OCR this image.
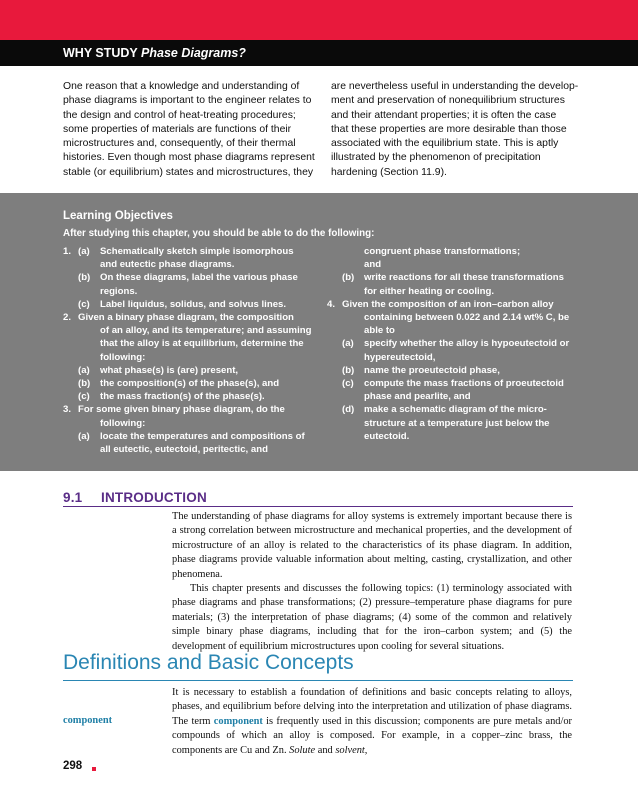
WHY STUDY Phase Diagrams?
One reason that a knowledge and understanding of
phase diagrams is important to the engineer relates to
the design and control of heat-treating procedures;
some properties of materials are functions of their
microstructures and, consequently, of their thermal
histories. Even though most phase diagrams represent
stable (or equilibrium) states and microstructures, they
are nevertheless useful in understanding the develop-
ment and preservation of nonequilibrium structures
and their attendant properties; it is often the case
that these properties are more desirable than those
associated with the equilibrium state. This is aptly
illustrated by the phenomenon of precipitation
hardening (Section 11.9).
Learning Objectives
After studying this chapter, you should be able to do the following:
1. (a) Schematically sketch simple isomorphous
and eutectic phase diagrams.
(b) On these diagrams, label the various phase
regions.
(c) Label liquidus, solidus, and solvus lines.
2. Given a binary phase diagram, the composition
of an alloy, and its temperature; and assuming
that the alloy is at equilibrium, determine the
following:
(a) what phase(s) is (are) present,
(b) the composition(s) of the phase(s), and
(c) the mass fraction(s) of the phase(s).
3. For some given binary phase diagram, do the
following:
(a) locate the temperatures and compositions of
all eutectic, eutectoid, peritectic, and
congruent phase transformations;
and
(b) write reactions for all these transformations
for either heating or cooling.
4. Given the composition of an iron–carbon alloy
containing between 0.022 and 2.14 wt% C, be
able to
(a) specify whether the alloy is hypoeutectoid or
hypereutectoid,
(b) name the proeutectoid phase,
(c) compute the mass fractions of proeutectoid
phase and pearlite, and
(d) make a schematic diagram of the micro-
structure at a temperature just below the
eutectoid.
9.1 INTRODUCTION

The understanding of phase diagrams for alloy systems is extremely important because there is a strong correlation between microstructure and mechanical properties, and the development of microstructure of an alloy is related to the characteristics of its phase diagram. In addition, phase diagrams provide valuable information about melting, casting, crystallization, and other phenomena.

This chapter presents and discusses the following topics: (1) terminology associated with phase diagrams and phase transformations; (2) pressure–temperature phase diagrams for pure materials; (3) the interpretation of phase diagrams; (4) some of the common and relatively simple binary phase diagrams, including that for the iron–carbon system; and (5) the development of equilibrium microstructures upon cooling for several situations.

Definitions and Basic Concepts
component

It is necessary to establish a foundation of definitions and basic concepts relating to alloys, phases, and equilibrium before delving into the interpretation and utilization of phase diagrams. The term component is frequently used in this discussion; components are pure metals and/or compounds of which an alloy is composed. For example, in a copper–zinc brass, the components are Cu and Zn. Solute and solvent,

298
